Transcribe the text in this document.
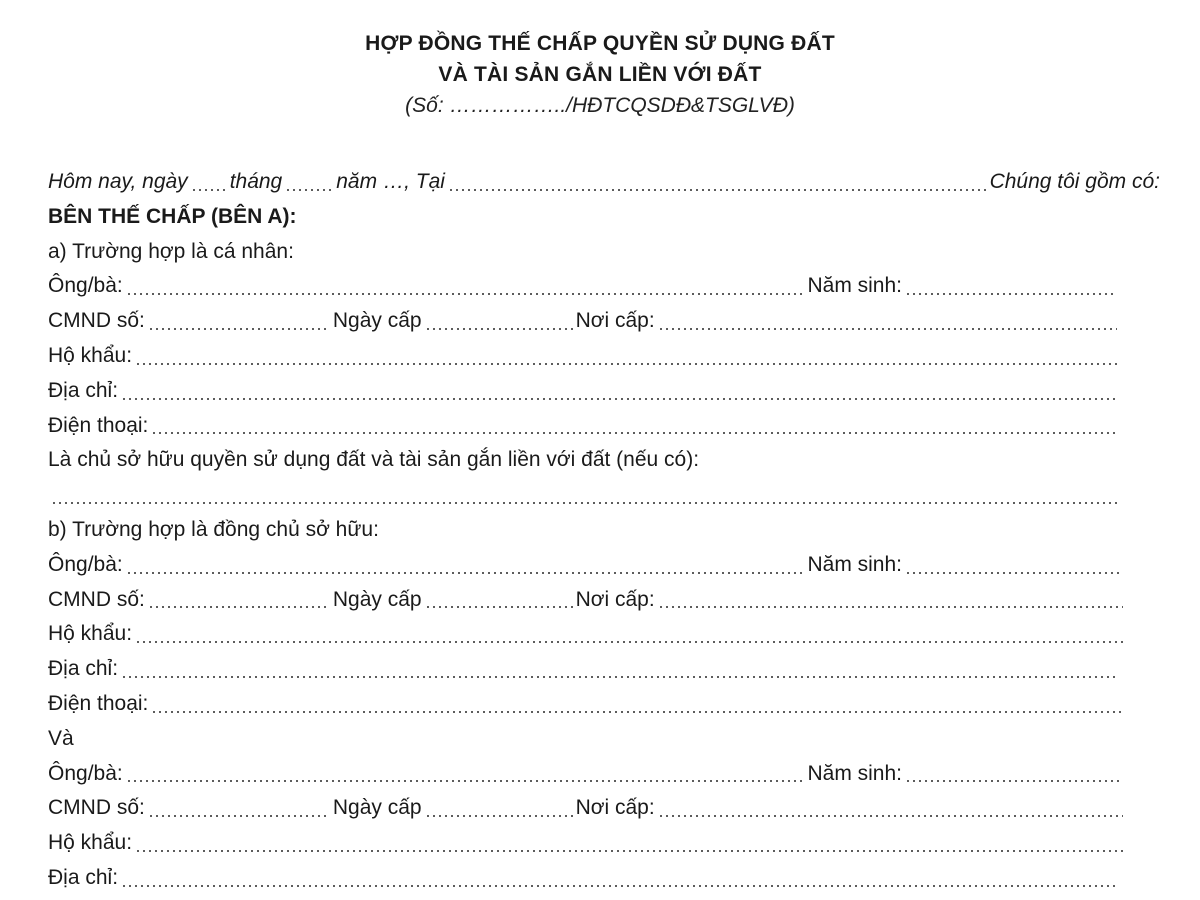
HỢP ĐỒNG THẾ CHẤP QUYỀN SỬ DỤNG ĐẤT
VÀ TÀI SẢN GẮN LIỀN VỚI ĐẤT
(Số: ……………../HĐTCQSDĐ&TSGLVĐ)
Hôm nay, ngày tháng	năm …, Tại	Chúng tôi gồm có:
BÊN THẾ CHẤP (BÊN A):
a) Trường hợp là cá nhân:
Ông/bà:	Năm sinh:
CMND số:	Ngày cấp	Nơi cấp:
Hộ khẩu:
Địa chỉ:
Điện thoại:
Là chủ sở hữu quyền sử dụng đất và tài sản gắn liền với đất (nếu có):
b) Trường hợp là đồng chủ sở hữu:
Ông/bà:	Năm sinh:
CMND số:	Ngày cấp	Nơi cấp:
Hộ khẩu:
Địa chỉ:
Điện thoại:
Và
Ông/bà:	Năm sinh:
CMND số:	Ngày cấp	Nơi cấp:
Hộ khẩu:
Địa chỉ:
